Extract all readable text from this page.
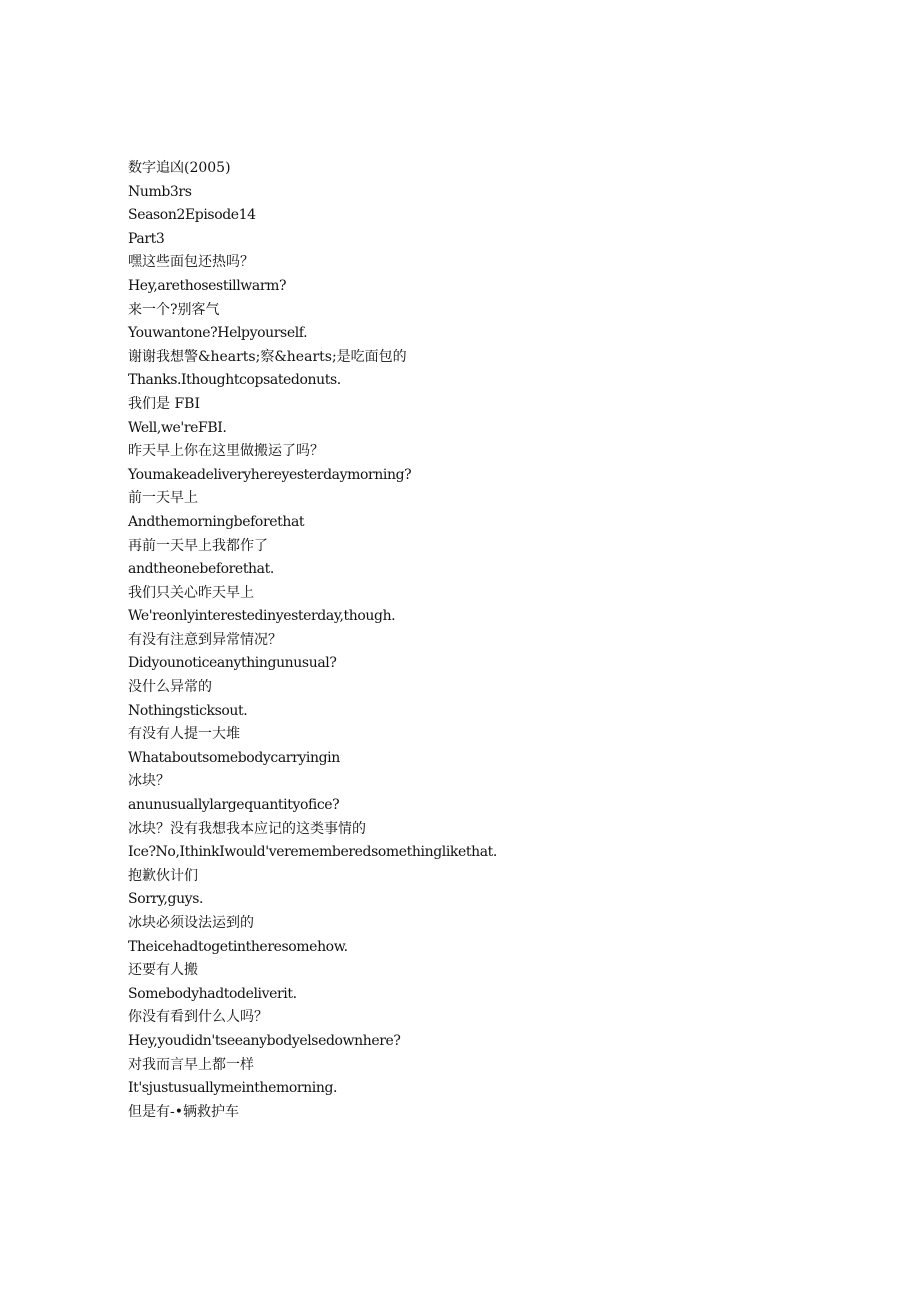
数字追凶(2005)
Numb3rs
Season2Episode14
Part3
嘿这些面包还热吗？
Hey,arethosestillwarm?
来一个?别客气
Youwantone?Helpyourself.
谢谢我想警&hearts;察&hearts;是吃面包的
Thanks.Ithoughtcopsatedonuts.
我们是 FBI
Well,we'reFBI.
昨天早上你在这里做搬运了吗？
Youmakeadeliveryhereyesterdaymorning?
前一天早上
Andthemorningbeforethat
再前一天早上我都作了
andtheonebeforethat.
我们只关心昨天早上
We'reonlyinterestedinyesterday,though.
有没有注意到异常情况？
Didyounoticeanythingunusual?
没什么异常的
Nothingsticksout.
有没有人提一大堆
Whataboutsomebodycarryingin
冰块？
anunusuallylargequantityofice?
冰块？没有我想我本应记的这类事情的
Ice?No,IthinkIwould'verememberedsomethinglikethat.
抱歉伙计们
Sorry,guys.
冰块必须设法运到的
Theicehadtogetintheresomehow.
还要有人搬
Somebodyhadtodeliverit.
你没有看到什么人吗？
Hey,youdidn'tseeanybodyelsedownhere?
对我而言早上都一样
It'sjustusuallymeinthemorning.
但是有-•辆救护车
